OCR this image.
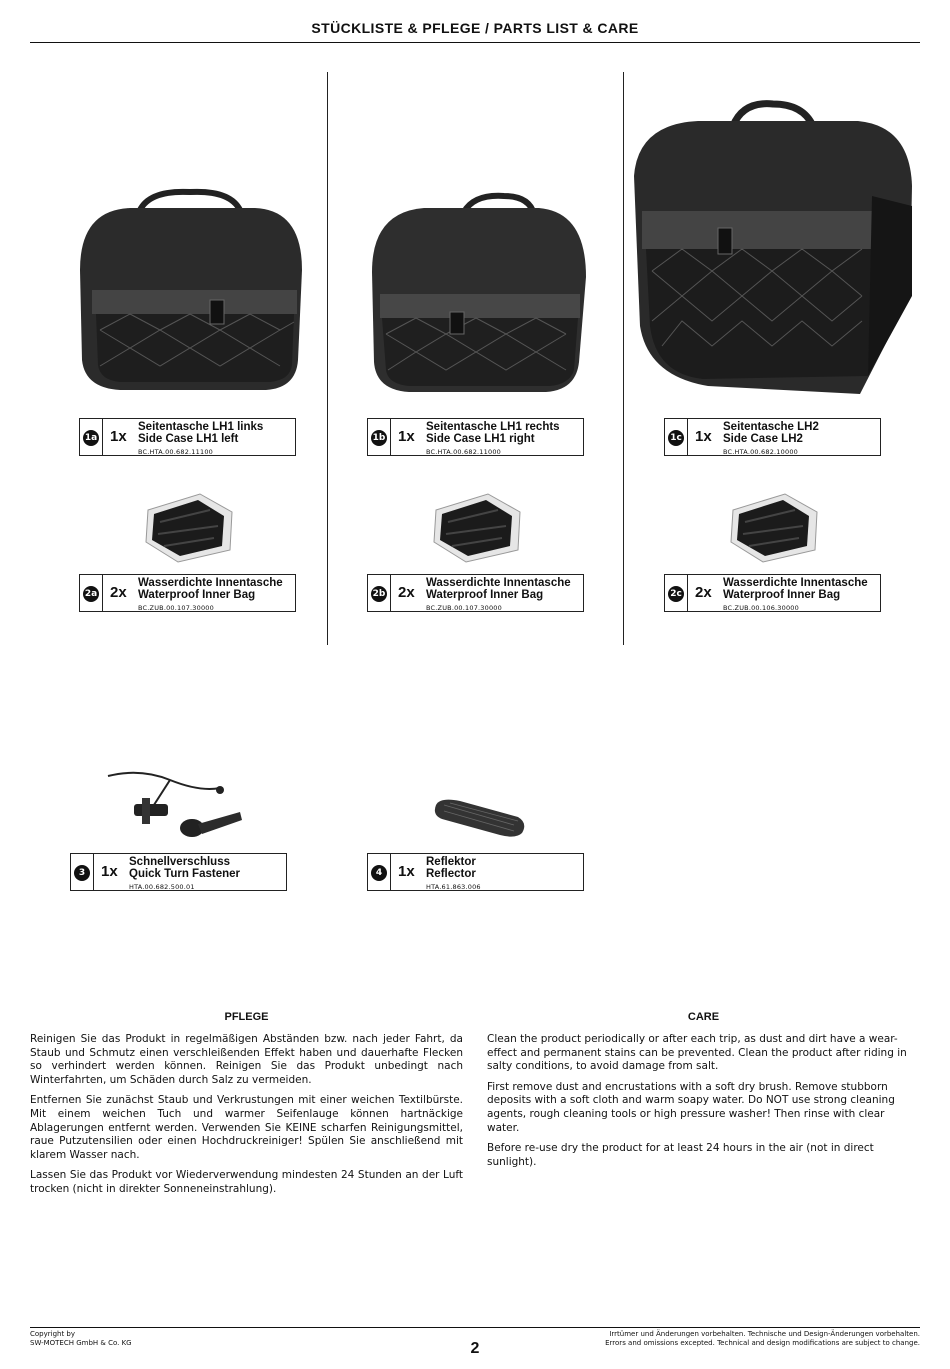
STÜCKLISTE & PFLEGE / PARTS LIST & CARE
1a 1x
Seitentasche LH1 links
Side Case LH1 left
BC.HTA.00.682.11100
1b 1x
Seitentasche LH1 rechts
Side Case LH1 right
BC.HTA.00.682.11000
1c 1x
Seitentasche LH2
Side Case LH2
BC.HTA.00.682.10000
2a 2x
Wasserdichte Innentasche
Waterproof Inner Bag
BC.ZUB.00.107.30000
2b 2x
Wasserdichte Innentasche
Waterproof Inner Bag
BC.ZUB.00.107.30000
2c 2x
Wasserdichte Innentasche
Waterproof Inner Bag
BC.ZUB.00.106.30000
3	1x
Schnellverschluss
Quick Turn Fastener
HTA.00.682.500.01
4	1x
Reflektor
Reflector
HTA.61.863.006
PFLEGE

Reinigen Sie das Produkt in regelmäßigen Abständen bzw. nach jeder Fahrt, da Staub und Schmutz einen verschleißenden Effekt haben und dauerhafte Flecken so verhindert werden können. Reinigen Sie das Produkt unbedingt nach Winterfahrten, um Schäden durch Salz zu vermeiden.

Entfernen Sie zunächst Staub und Verkrustungen mit einer weichen Textilbürste. Mit einem weichen Tuch und warmer Seifenlauge können hartnäckige Ablagerungen entfernt werden. Verwenden Sie KEINE scharfen Reinigungsmittel, raue Putzutensilien oder einen Hochdruckreiniger! Spülen Sie anschließend mit klarem Wasser nach.

Lassen Sie das Produkt vor Wiederverwendung mindesten 24 Stunden an der Luft trocken (nicht in direkter Sonneneinstrahlung).

CARE

Clean the product periodically or after each trip, as dust and dirt have a wear-effect and permanent stains can be prevented. Clean the product after riding in salty conditions, to avoid damage from salt.

First remove dust and encrustations with a soft dry brush. Remove stubborn deposits with a soft cloth and warm soapy water. Do NOT use strong cleaning agents, rough cleaning tools or high pressure washer! Then rinse with clear water.

Before re-use dry the product for at least 24 hours in the air (not in direct sunlight).

Copyright by
SW-MOTECH GmbH & Co. KG
Irrtümer und Änderungen vorbehalten. Technische und Design-Änderungen vorbehalten.
Errors and omissions excepted. Technical and design modifications are subject to change.
2
